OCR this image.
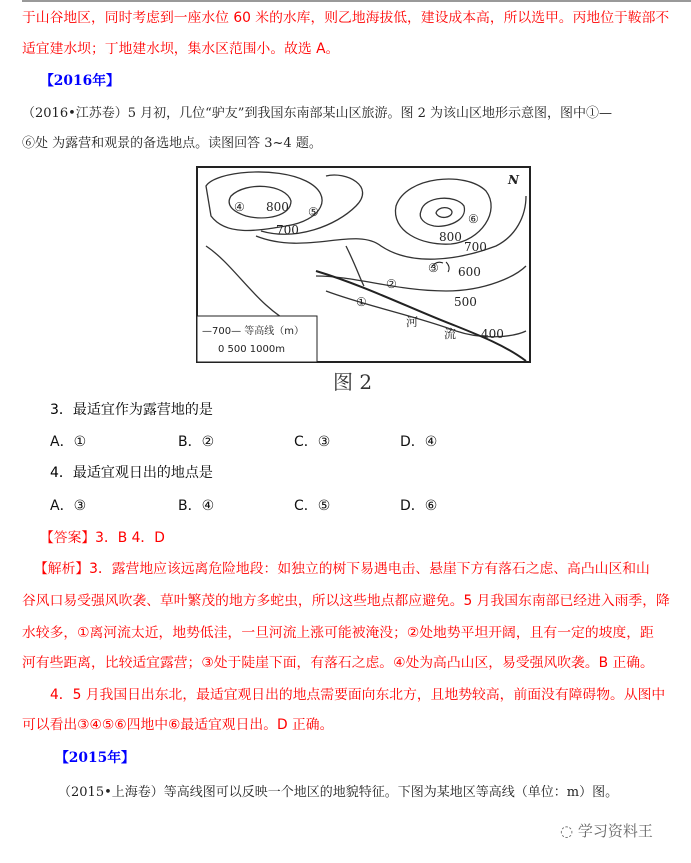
于山谷地区，同时考虑到一座水位 60 米的水库，则乙地海拔低，建设成本高，所以选甲。丙地位于鞍部不
适宜建水坝；丁地建水坝，集水区范围小。故选 A。
【2016年】
（2016•江苏卷）5 月初，几位“驴友”到我国东南部某山区旅游。图 2 为该山区地形示意图，图中①—
⑥处 为露营和观景的备选地点。读图回答 3~4 题。
800
700	800
700
600
500
400
①
②
③
④	⑤	⑥
河
流
N
—700— 等高线（m）
0 500 1000m
图 2
3．最适宜作为露营地的是
A．①	B．②	C．③	D．④
4．最适宜观日出的地点是
A．③	B．④	C．⑤	D．⑥
【答案】3．B 4．D
【解析】3．露营地应该远离危险地段：如独立的树下易遇电击、悬崖下方有落石之虑、高凸山区和山
谷风口易受强风吹袭、草叶繁茂的地方多蛇虫，所以这些地点都应避免。5 月我国东南部已经进入雨季，降
水较多，①离河流太近，地势低洼，一旦河流上涨可能被淹没；②处地势平坦开阔，且有一定的坡度，距
河有些距离，比较适宜露营；③处于陡崖下面，有落石之虑。④处为高凸山区，易受强风吹袭。B 正确。
4．5 月我国日出东北，最适宜观日出的地点需要面向东北方，且地势较高，前面没有障碍物。从图中
可以看出③④⑤⑥四地中⑥最适宜观日出。D 正确。
【2015年】
（2015•上海卷）等高线图可以反映一个地区的地貌特征。下图为某地区等高线（单位：m）图。
◌ 学习资料王
